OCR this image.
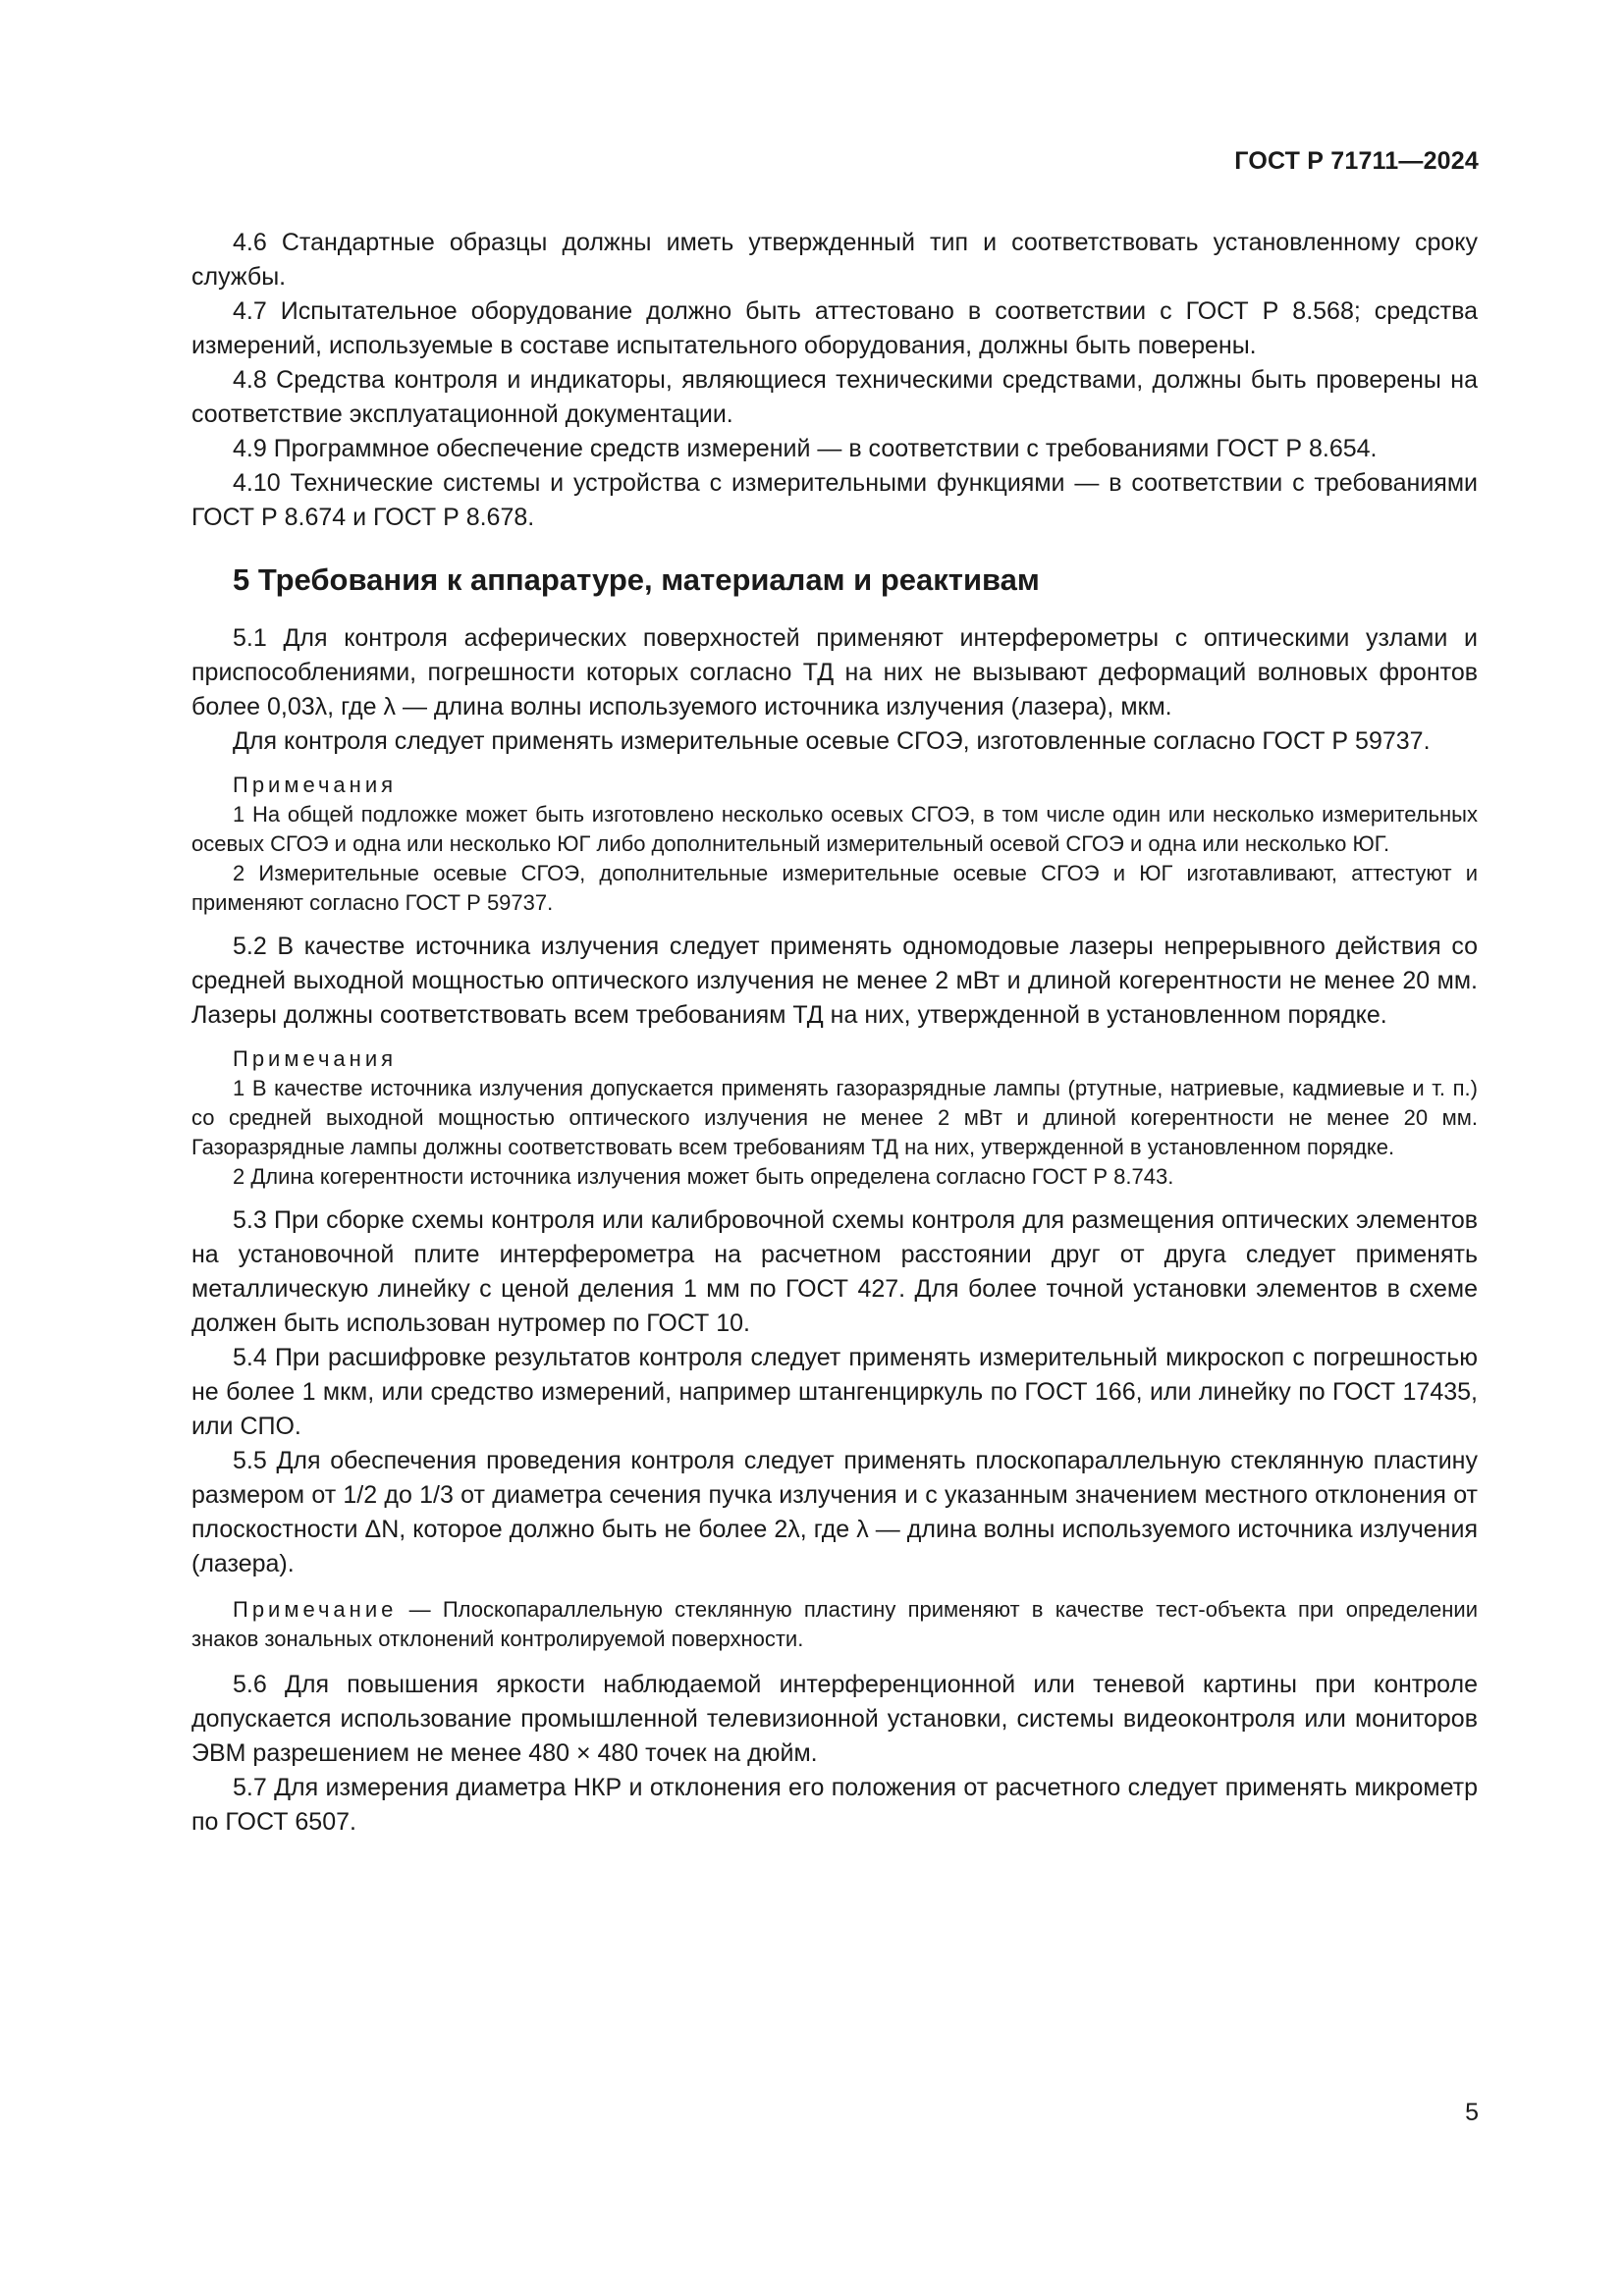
ГОСТ Р 71711—2024

4.6 Стандартные образцы должны иметь утвержденный тип и соответствовать установленному сроку службы.

4.7 Испытательное оборудование должно быть аттестовано в соответствии с ГОСТ Р 8.568; средства измерений, используемые в составе испытательного оборудования, должны быть поверены.

4.8 Средства контроля и индикаторы, являющиеся техническими средствами, должны быть проверены на соответствие эксплуатационной документации.

4.9 Программное обеспечение средств измерений — в соответствии с требованиями ГОСТ Р 8.654.

4.10 Технические системы и устройства с измерительными функциями — в соответствии с требованиями ГОСТ Р 8.674 и ГОСТ Р 8.678.

5 Требования к аппаратуре, материалам и реактивам

5.1 Для контроля асферических поверхностей применяют интерферометры с оптическими узлами и приспособлениями, погрешности которых согласно ТД на них не вызывают деформаций волновых фронтов более 0,03λ, где λ — длина волны используемого источника излучения (лазера), мкм.

Для контроля следует применять измерительные осевые СГОЭ, изготовленные согласно ГОСТ Р 59737.

Примечания

1 На общей подложке может быть изготовлено несколько осевых СГОЭ, в том числе один или несколько измерительных осевых СГОЭ и одна или несколько ЮГ либо дополнительный измерительный осевой СГОЭ и одна или несколько ЮГ.

2 Измерительные осевые СГОЭ, дополнительные измерительные осевые СГОЭ и ЮГ изготавливают, аттестуют и применяют согласно ГОСТ Р 59737.

5.2 В качестве источника излучения следует применять одномодовые лазеры непрерывного действия со средней выходной мощностью оптического излучения не менее 2 мВт и длиной когерентности не менее 20 мм. Лазеры должны соответствовать всем требованиям ТД на них, утвержденной в установленном порядке.

Примечания

1 В качестве источника излучения допускается применять газоразрядные лампы (ртутные, натриевые, кадмиевые и т. п.) со средней выходной мощностью оптического излучения не менее 2 мВт и длиной когерентности не менее 20 мм. Газоразрядные лампы должны соответствовать всем требованиям ТД на них, утвержденной в установленном порядке.

2 Длина когерентности источника излучения может быть определена согласно ГОСТ Р 8.743.

5.3 При сборке схемы контроля или калибровочной схемы контроля для размещения оптических элементов на установочной плите интерферометра на расчетном расстоянии друг от друга следует применять металлическую линейку с ценой деления 1 мм по ГОСТ 427. Для более точной установки элементов в схеме должен быть использован нутромер по ГОСТ 10.

5.4 При расшифровке результатов контроля следует применять измерительный микроскоп с погрешностью не более 1 мкм, или средство измерений, например штангенциркуль по ГОСТ 166, или линейку по ГОСТ 17435, или СПО.

5.5 Для обеспечения проведения контроля следует применять плоскопараллельную стеклянную пластину размером от 1/2 до 1/3 от диаметра сечения пучка излучения и с указанным значением местного отклонения от плоскостности ΔN, которое должно быть не более 2λ, где λ — длина волны используемого источника излучения (лазера).

Примечание — Плоскопараллельную стеклянную пластину применяют в качестве тест-объекта при определении знаков зональных отклонений контролируемой поверхности.

5.6 Для повышения яркости наблюдаемой интерференционной или теневой картины при контроле допускается использование промышленной телевизионной установки, системы видеоконтроля или мониторов ЭВМ разрешением не менее 480 × 480 точек на дюйм.

5.7 Для измерения диаметра НКР и отклонения его положения от расчетного следует применять микрометр по ГОСТ 6507.

5
